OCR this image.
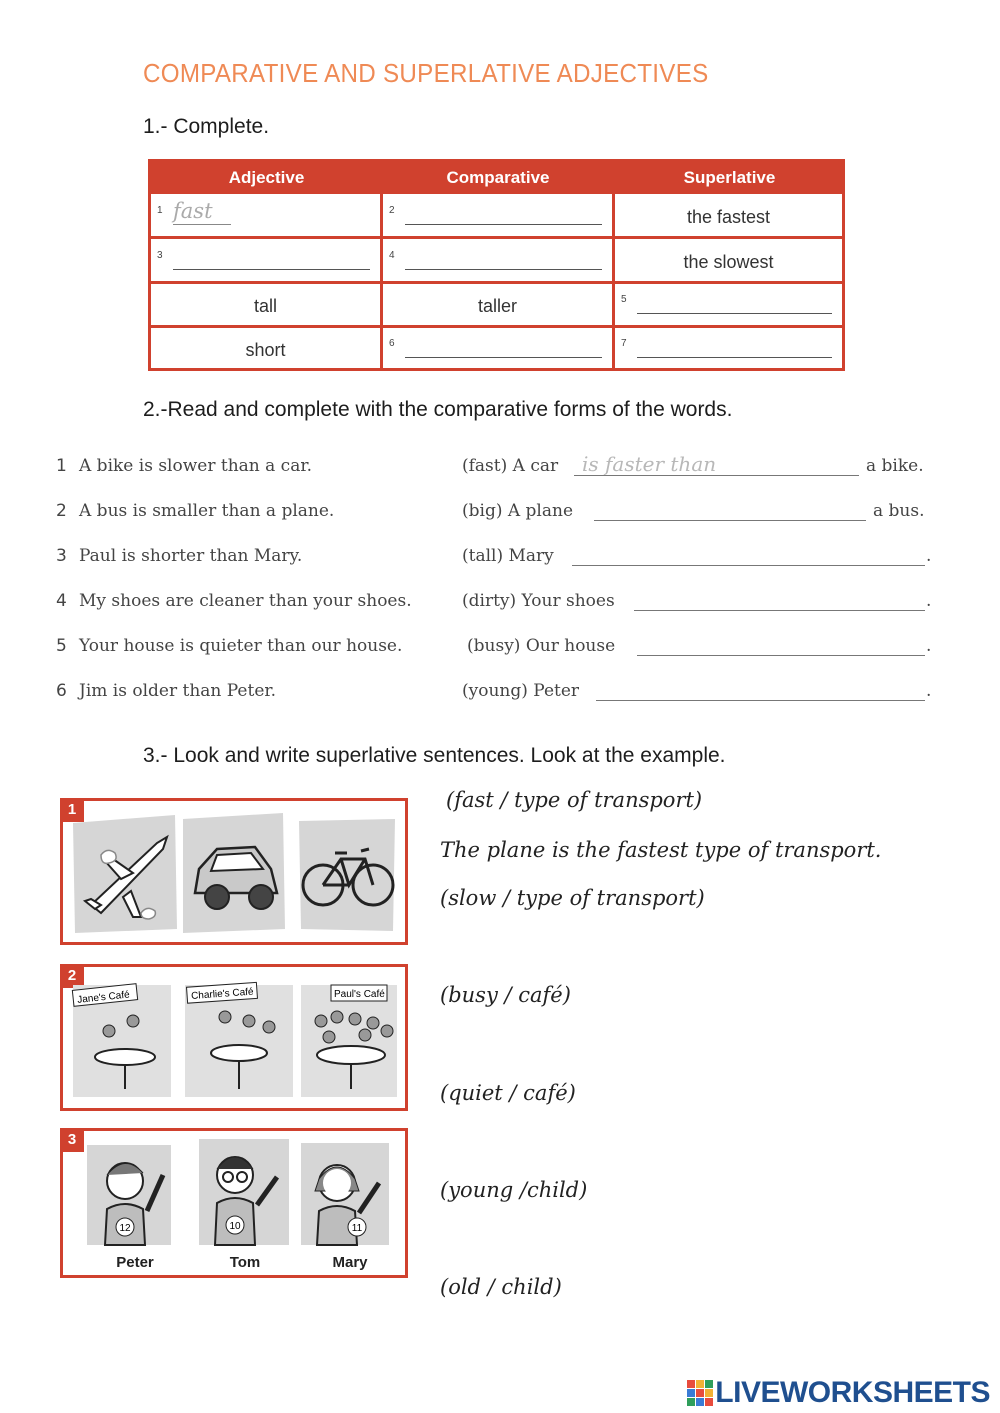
COMPARATIVE AND SUPERLATIVE ADJECTIVES
1.- Complete.
Adjective	Comparative	Superlative
1 fast	2	the fastest
3	4	the slowest
tall	taller	5
short	6	7
2.-Read and complete with the comparative forms of the words.
1 A bike is slower than a car.	(fast) A car is faster than	a bike.
2 A bus is smaller than a plane.	(big) A plane	a bus.
3 Paul is shorter than Mary.	(tall) Mary	.
4 My shoes are cleaner than your shoes.	(dirty) Your shoes	.
5 Your house is quieter than our house.	(busy) Our house	.
6 Jim is older than Peter.	(young) Peter	.
3.- Look and write superlative sentences. Look at the example.
1
2
Jane's Café	Charlie's Café	Paul's Café
3
12	10	11
Peter	Tom	Mary
(fast / type of transport)
The plane is the fastest type of transport.
(slow / type of transport)
(busy / café)
(quiet / café)
(young /child)
(old / child)
LIVEWORKSHEETS
